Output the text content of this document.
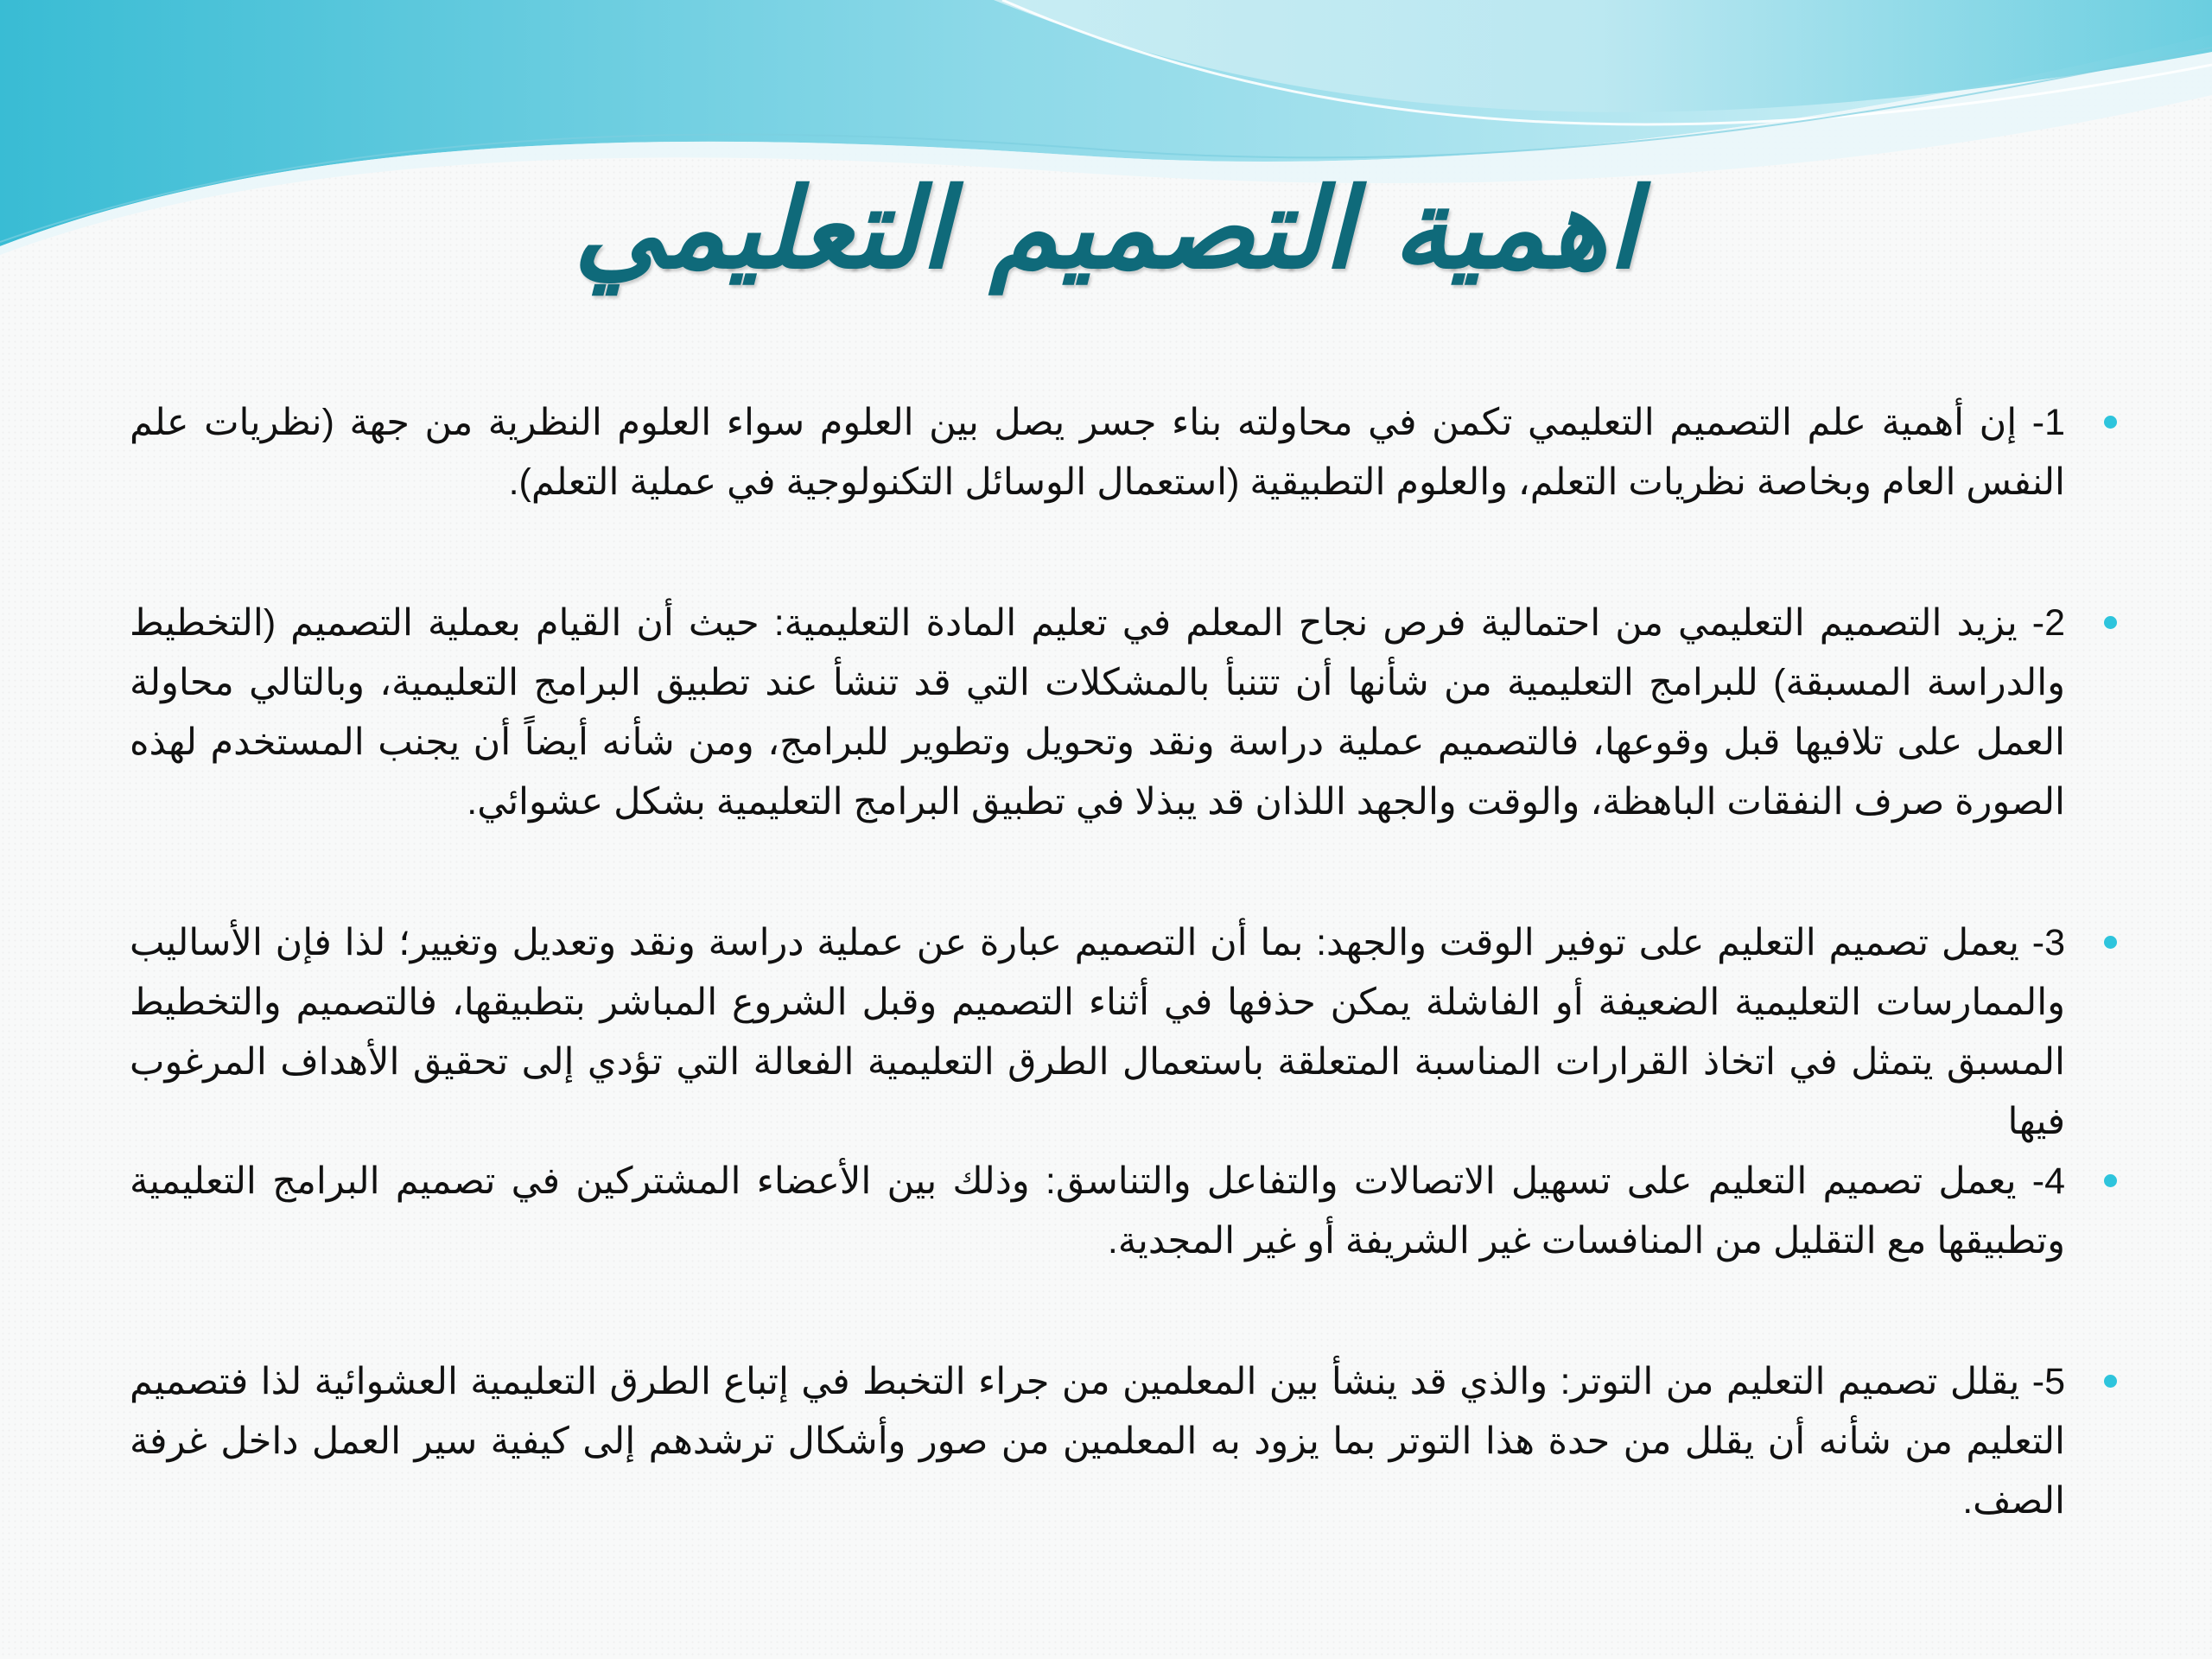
اهمية التصميم التعليمي
1- إن أهمية علم التصميم التعليمي تكمن في محاولته بناء جسر يصل بين العلوم سواء العلوم النظرية من جهة (نظريات علم النفس العام وبخاصة نظريات التعلم، والعلوم التطبيقية (استعمال الوسائل التكنولوجية في عملية التعلم).
2- يزيد التصميم التعليمي من احتمالية فرص نجاح المعلم في تعليم المادة التعليمية: حيث أن القيام بعملية التصميم (التخطيط والدراسة المسبقة) للبرامج التعليمية من شأنها أن تتنبأ بالمشكلات التي قد تنشأ عند تطبيق البرامج التعليمية، وبالتالي محاولة العمل على تلافيها قبل وقوعها، فالتصميم عملية دراسة ونقد وتحويل وتطوير للبرامج، ومن شأنه أيضاً أن يجنب المستخدم لهذه الصورة صرف النفقات الباهظة، والوقت والجهد اللذان قد يبذلا في تطبيق البرامج التعليمية بشكل عشوائي.
3- يعمل تصميم التعليم على توفير الوقت والجهد: بما أن التصميم عبارة عن عملية دراسة ونقد وتعديل وتغيير؛ لذا فإن الأساليب والممارسات التعليمية الضعيفة أو الفاشلة يمكن حذفها في أثناء التصميم وقبل الشروع المباشر بتطبيقها، فالتصميم والتخطيط المسبق يتمثل في اتخاذ القرارات المناسبة المتعلقة باستعمال الطرق التعليمية الفعالة التي تؤدي إلى تحقيق الأهداف المرغوب فيها
4- يعمل تصميم التعليم على تسهيل الاتصالات والتفاعل والتناسق: وذلك بين الأعضاء المشتركين في تصميم البرامج التعليمية وتطبيقها مع التقليل من المنافسات غير الشريفة أو غير المجدية.
5- يقلل تصميم التعليم من التوتر: والذي قد ينشأ بين المعلمين من جراء التخبط في إتباع الطرق التعليمية العشوائية لذا فتصميم التعليم من شأنه أن يقلل من حدة هذا التوتر بما يزود به المعلمين من صور وأشكال ترشدهم إلى كيفية سير العمل داخل غرفة الصف.
